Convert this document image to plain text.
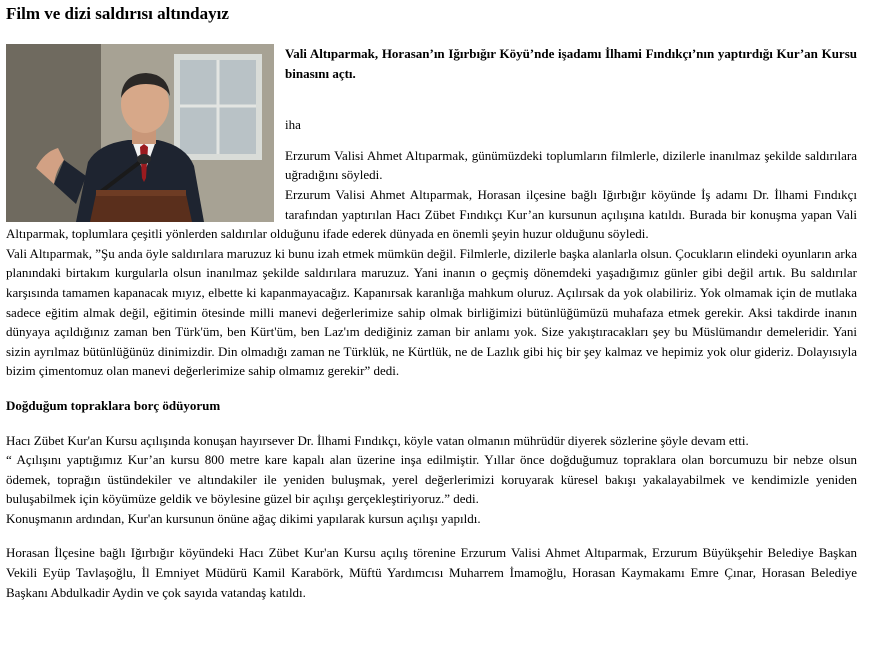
Film ve dizi saldırısı altındayız

Vali Altıparmak, Horasan’ın Iğırbığır Köyü’nde işadamı İlhami Fındıkçı’nın yaptırdığı Kur’an Kursu binasını açtı.

iha

Erzurum Valisi Ahmet Altıparmak, günümüzdeki toplumların filmlerle, dizilerle inanılmaz şekilde saldırılara uğradığını söyledi.

Erzurum Valisi Ahmet Altıparmak, Horasan ilçesine bağlı Iğırbığır köyünde İş adamı Dr. İlhami Fındıkçı tarafından yaptırılan Hacı Zübet Fındıkçı Kur’an kursunun açılışına katıldı. Burada bir konuşma yapan Vali Altıparmak, toplumlara çeşitli yönlerden saldırılar olduğunu ifade ederek dünyada en önemli şeyin huzur olduğunu söyledi.

Vali Altıparmak, ”Şu anda öyle saldırılara maruzuz ki bunu izah etmek mümkün değil. Filmlerle, dizilerle başka alanlarla olsun. Çocukların elindeki oyunların arka planındaki birtakım kurgularla olsun inanılmaz şekilde saldırılara maruzuz. Yani inanın o geçmiş dönemdeki yaşadığımız günler gibi değil artık. Bu saldırılar karşısında tamamen kapanacak mıyız, elbette ki kapanmayacağız. Kapanırsak karanlığa mahkum oluruz. Açılırsak da yok olabiliriz. Yok olmamak için de mutlaka sadece eğitim almak değil, eğitimin ötesinde milli manevi değerlerimize sahip olmak birliğimizi bütünlüğümüzü muhafaza etmek gerekir. Aksi takdirde inanın dünyaya açıldığınız zaman ben Türk'üm, ben Kürt'üm, ben Laz'ım dediğiniz zaman bir anlamı yok. Size yakıştıracakları şey bu Müslümandır demeleridir. Yani sizin ayrılmaz bütünlüğünüz dinimizdir. Din olmadığı zaman ne Türklük, ne Kürtlük, ne de Lazlık gibi hiç bir şey kalmaz ve hepimiz yok olur gideriz. Dolayısıyla bizim çimentomuz olan manevi değerlerimize sahip olmamız gerekir” dedi.

Doğduğum topraklara borç ödüyorum

Hacı Zübet Kur'an Kursu açılışında konuşan hayırsever Dr. İlhami Fındıkçı, köyle vatan olmanın mührüdür diyerek sözlerine şöyle devam etti.

“ Açılışını yaptığımız Kur’an kursu 800 metre kare kapalı alan üzerine inşa edilmiştir. Yıllar önce doğduğumuz topraklara olan borcumuzu bir nebze olsun ödemek, toprağın üstündekiler ve altındakiler ile yeniden buluşmak, yerel değerlerimizi koruyarak küresel bakışı yakalayabilmek ve kendimizle yeniden buluşabilmek için köyümüze geldik ve böylesine güzel bir açılışı gerçekleştiriyoruz.” dedi.

Konuşmanın ardından, Kur'an kursunun önüne ağaç dikimi yapılarak kursun açılışı yapıldı.

Horasan İlçesine bağlı Iğırbığır köyündeki Hacı Zübet Kur'an Kursu açılış törenine Erzurum Valisi Ahmet Altıparmak, Erzurum Büyükşehir Belediye Başkan Vekili Eyüp Tavlaşoğlu, İl Emniyet Müdürü Kamil Karabörk, Müftü Yardımcısı Muharrem İmamoğlu, Horasan Kaymakamı Emre Çınar, Horasan Belediye Başkanı Abdulkadir Aydin ve çok sayıda vatandaş katıldı.
